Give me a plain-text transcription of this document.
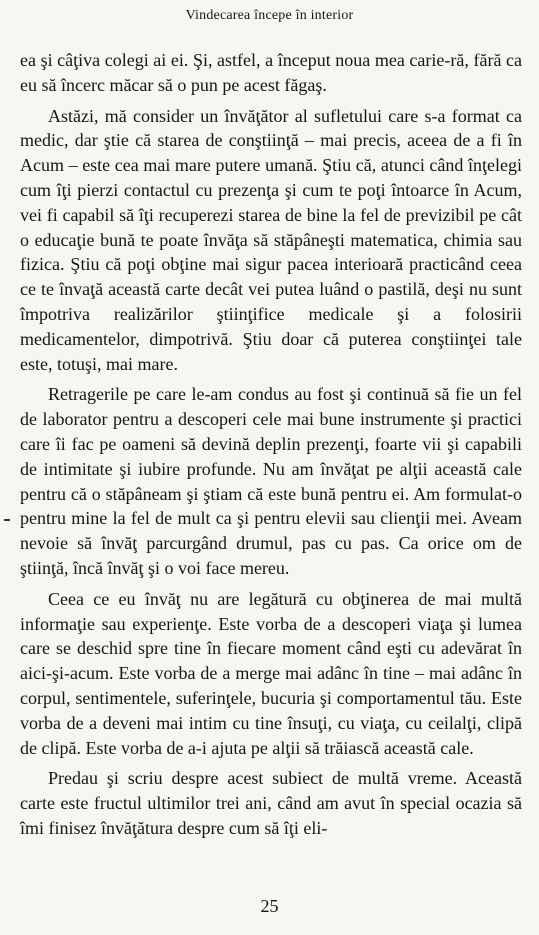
Vindecarea începe în interior

ea şi câţiva colegi ai ei. Şi, astfel, a început noua mea carie-ră, fără ca eu să încerc măcar să o pun pe acest făgaş.

Astăzi, mă consider un învăţător al sufletului care s-a format ca medic, dar ştie că starea de conştiinţă – mai precis, aceea de a fi în Acum – este cea mai mare putere umană. Ştiu că, atunci când înţelegi cum îţi pierzi contactul cu prezenţa şi cum te poţi întoarce în Acum, vei fi capabil să îţi recuperezi starea de bine la fel de previzibil pe cât o educaţie bună te poate învăţa să stăpâneşti matematica, chimia sau fizica. Ştiu că poţi obţine mai sigur pacea interioară practicând ceea ce te învaţă această carte decât vei putea luând o pastilă, deşi nu sunt împotriva realizărilor ştiinţifice medicale şi a folosirii medicamentelor, dimpotrivă. Ştiu doar că puterea conştiinţei tale este, totuşi, mai mare.

Retragerile pe care le-am condus au fost şi continuă să fie un fel de laborator pentru a descoperi cele mai bune instrumente şi practici care îi fac pe oameni să devină deplin prezenţi, foarte vii şi capabili de intimitate şi iubire profunde. Nu am învăţat pe alţii această cale pentru că o stăpâneam şi ştiam că este bună pentru ei. Am formulat-o pentru mine la fel de mult ca şi pentru elevii sau clienţii mei. Aveam nevoie să învăţ parcurgând drumul, pas cu pas. Ca orice om de ştiinţă, încă învăţ şi o voi face mereu.

Ceea ce eu învăţ nu are legătură cu obţinerea de mai multă informaţie sau experienţe. Este vorba de a descoperi viaţa şi lumea care se deschid spre tine în fiecare moment când eşti cu adevărat în aici-şi-acum. Este vorba de a merge mai adânc în tine – mai adânc în corpul, sentimentele, suferinţele, bucuria şi comportamentul tău. Este vorba de a deveni mai intim cu tine însuţi, cu viaţa, cu ceilalţi, clipă de clipă. Este vorba de a-i ajuta pe alţii să trăiască această cale.

Predau şi scriu despre acest subiect de multă vreme. Această carte este fructul ultimilor trei ani, când am avut în special ocazia să îmi finisez învăţătura despre cum să îţi eli-

25
